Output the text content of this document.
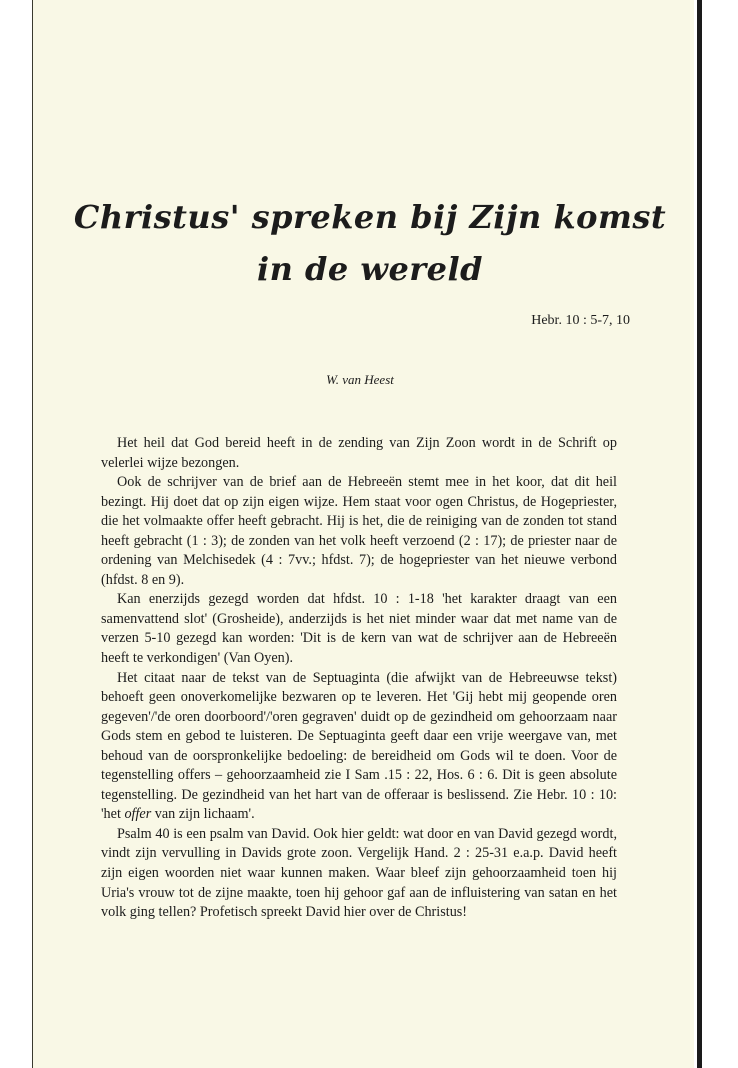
Christus' spreken bij Zijn komst
in de wereld
Hebr. 10 : 5-7, 10
W. van Heest

Het heil dat God bereid heeft in de zending van Zijn Zoon wordt in de Schrift op velerlei wijze bezongen.

Ook de schrijver van de brief aan de Hebreeën stemt mee in het koor, dat dit heil bezingt. Hij doet dat op zijn eigen wijze. Hem staat voor ogen Christus, de Hogepriester, die het volmaakte offer heeft gebracht. Hij is het, die de reiniging van de zonden tot stand heeft gebracht (1 : 3); de zonden van het volk heeft verzoend (2 : 17); de priester naar de ordening van Melchisedek (4 : 7vv.; hfdst. 7); de hogepriester van het nieuwe verbond (hfdst. 8 en 9).

Kan enerzijds gezegd worden dat hfdst. 10 : 1-18 'het karakter draagt van een samenvattend slot' (Grosheide), anderzijds is het niet minder waar dat met name van de verzen 5-10 gezegd kan worden: 'Dit is de kern van wat de schrijver aan de Hebreeën heeft te verkondigen' (Van Oyen).

Het citaat naar de tekst van de Septuaginta (die afwijkt van de Hebreeuwse tekst) behoeft geen onoverkomelijke bezwaren op te leveren. Het 'Gij hebt mij geopende oren gegeven'/'de oren doorboord'/'oren gegraven' duidt op de gezindheid om gehoorzaam naar Gods stem en gebod te luisteren. De Septuaginta geeft daar een vrije weergave van, met behoud van de oorspronkelijke bedoeling: de bereidheid om Gods wil te doen. Voor de tegenstelling offers – gehoorzaamheid zie I Sam .15 : 22, Hos. 6 : 6. Dit is geen absolute tegenstelling. De gezindheid van het hart van de offeraar is beslissend. Zie Hebr. 10 : 10: 'het offer van zijn lichaam'.

Psalm 40 is een psalm van David. Ook hier geldt: wat door en van David gezegd wordt, vindt zijn vervulling in Davids grote zoon. Vergelijk Hand. 2 : 25-31 e.a.p. David heeft zijn eigen woorden niet waar kunnen maken. Waar bleef zijn gehoorzaamheid toen hij Uria's vrouw tot de zijne maakte, toen hij gehoor gaf aan de influistering van satan en het volk ging tellen? Profetisch spreekt David hier over de Christus!
